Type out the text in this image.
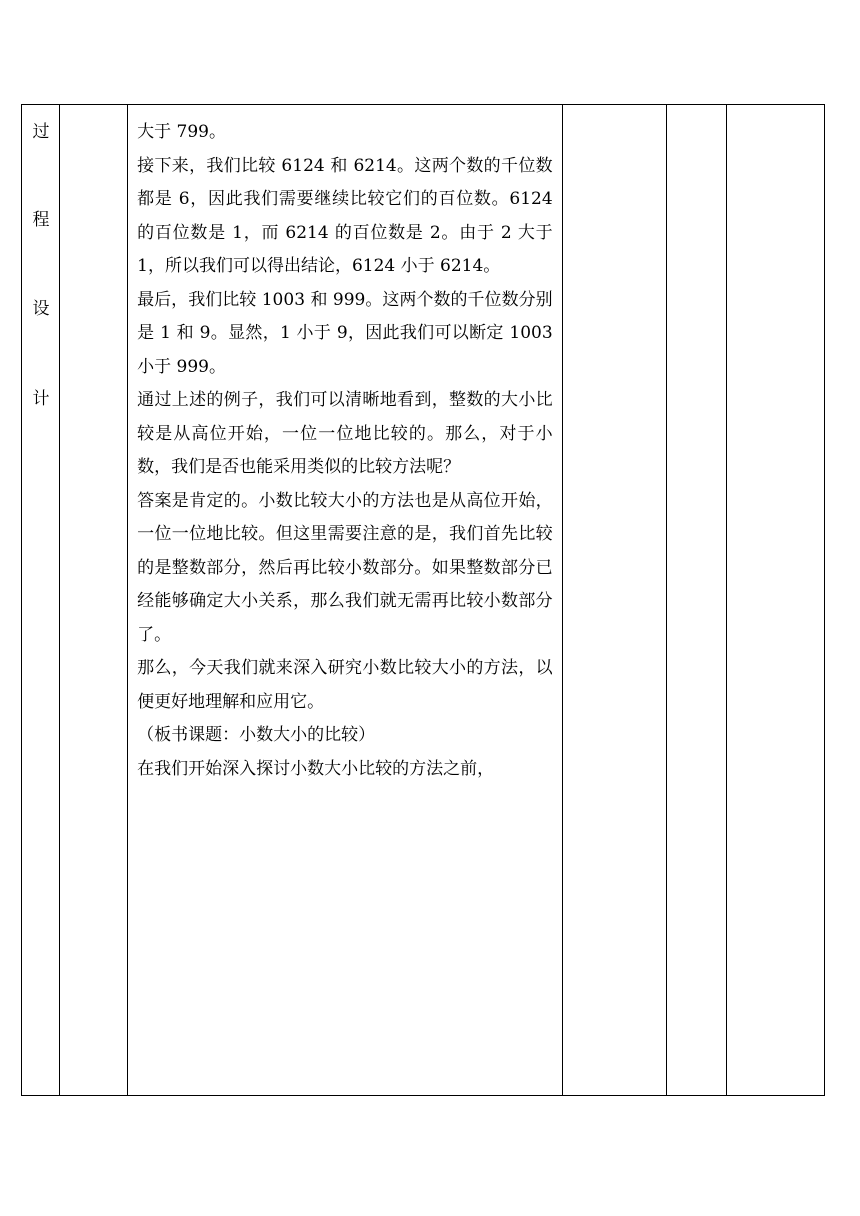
过
程
设
计

大于 799。

接下来，我们比较 6124 和 6214。这两个数的千位数都是 6，因此我们需要继续比较它们的百位数。6124 的百位数是 1，而 6214 的百位数是 2。由于 2 大于 1，所以我们可以得出结论，6124 小于 6214。

最后，我们比较 1003 和 999。这两个数的千位数分别是 1 和 9。显然，1 小于 9，因此我们可以断定 1003 小于 999。

通过上述的例子，我们可以清晰地看到，整数的大小比较是从高位开始，一位一位地比较的。那么，对于小数，我们是否也能采用类似的比较方法呢？

答案是肯定的。小数比较大小的方法也是从高位开始，一位一位地比较。但这里需要注意的是，我们首先比较的是整数部分，然后再比较小数部分。如果整数部分已经能够确定大小关系，那么我们就无需再比较小数部分了。

那么，今天我们就来深入研究小数比较大小的方法，以便更好地理解和应用它。

（板书课题：小数大小的比较）

在我们开始深入探讨小数大小比较的方法之前，
